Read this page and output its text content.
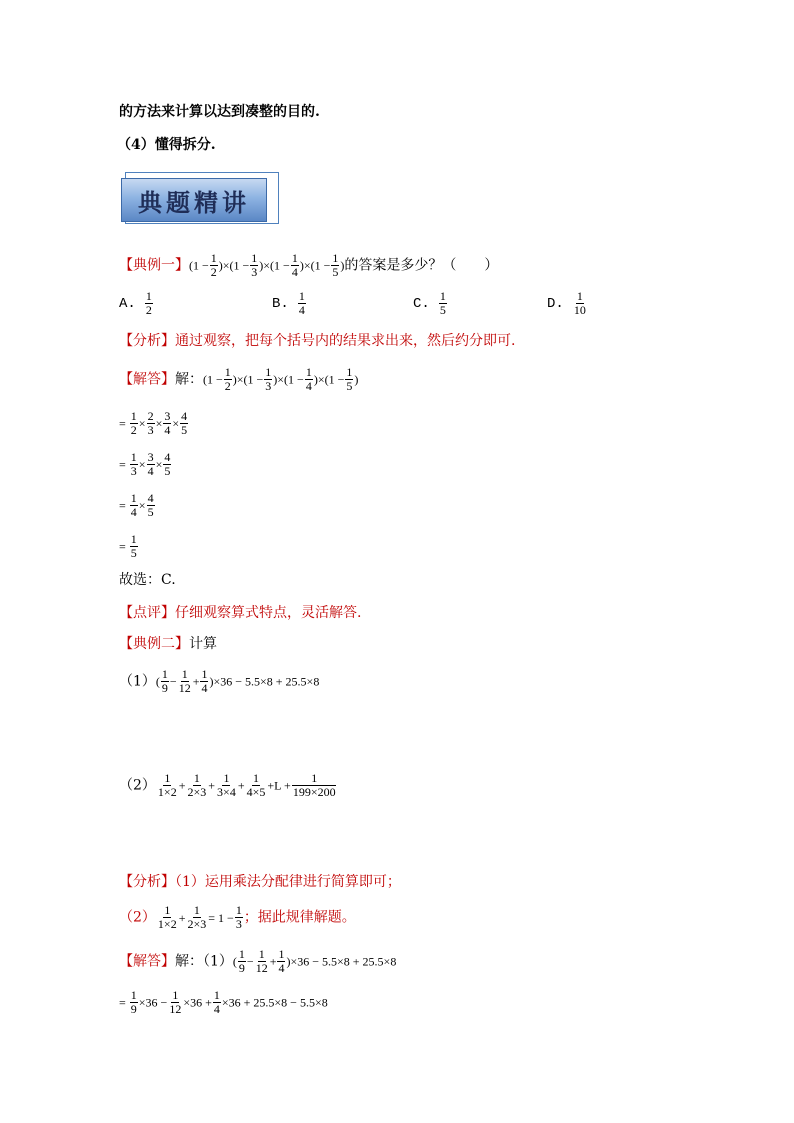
的方法来计算以达到凑整的目的.
（4）懂得拆分.
典题精讲
【典例一】$(1 - \frac{1}{2} )\times(1 - \frac{1}{3} )\times(1 - \frac{1}{4} )\times(1 - \frac{1}{5}$ )的答案是多少？（　　）
A. 1
2	B. 1
4	C. 1
5	D. 1
10
【分析】通过观察，把每个括号内的结果求出来，然后约分即可.
【解答】解：$(1 - \frac{1}{2} )\times(1 - \frac{1}{3} )\times(1 - \frac{1}{4} )\times(1 - \frac{1}{5}$ )
= $\frac{1}{2} \times \frac{2}{3} \times \frac{3}{4} \times \frac{4}{5}$
= $\frac{1}{3} \times \frac{3}{4} \times \frac{4}{5}$
= $\frac{1}{4} \times \frac{4}{5}$
= $\frac{1}{5}$
故选：C.
【点评】仔细观察算式特点，灵活解答.
【典例二】计算
$(1)( \frac{1}{9} - \frac{1}{12} + \frac{1}{4} )\times 36 - 5.5\times 8 + 25.5\times 8$
$(2) \frac{1}{1\times 2} + \frac{1}{2\times 3} + \frac{1}{3\times 4} + \frac{1}{4\times 5} +L + \frac{1}{199\times 200}$
【分析】（1）运用乘法分配律进行简算即可；
$(2) \frac{1}{1\times 2} + \frac{1}{2\times 3} = 1 - \frac{1}{3}$ ；据此规律解题。
【解答】解：$(1)( \frac{1}{9} - \frac{1}{12} + \frac{1}{4} )\times 36 - 5.5\times 8 + 25.5\times 8$
= $\frac{1}{9} \times 36 - \frac{1}{12} \times 36 + \frac{1}{4} \times 36 + 25.5\times 8 - 5.5\times 8$
